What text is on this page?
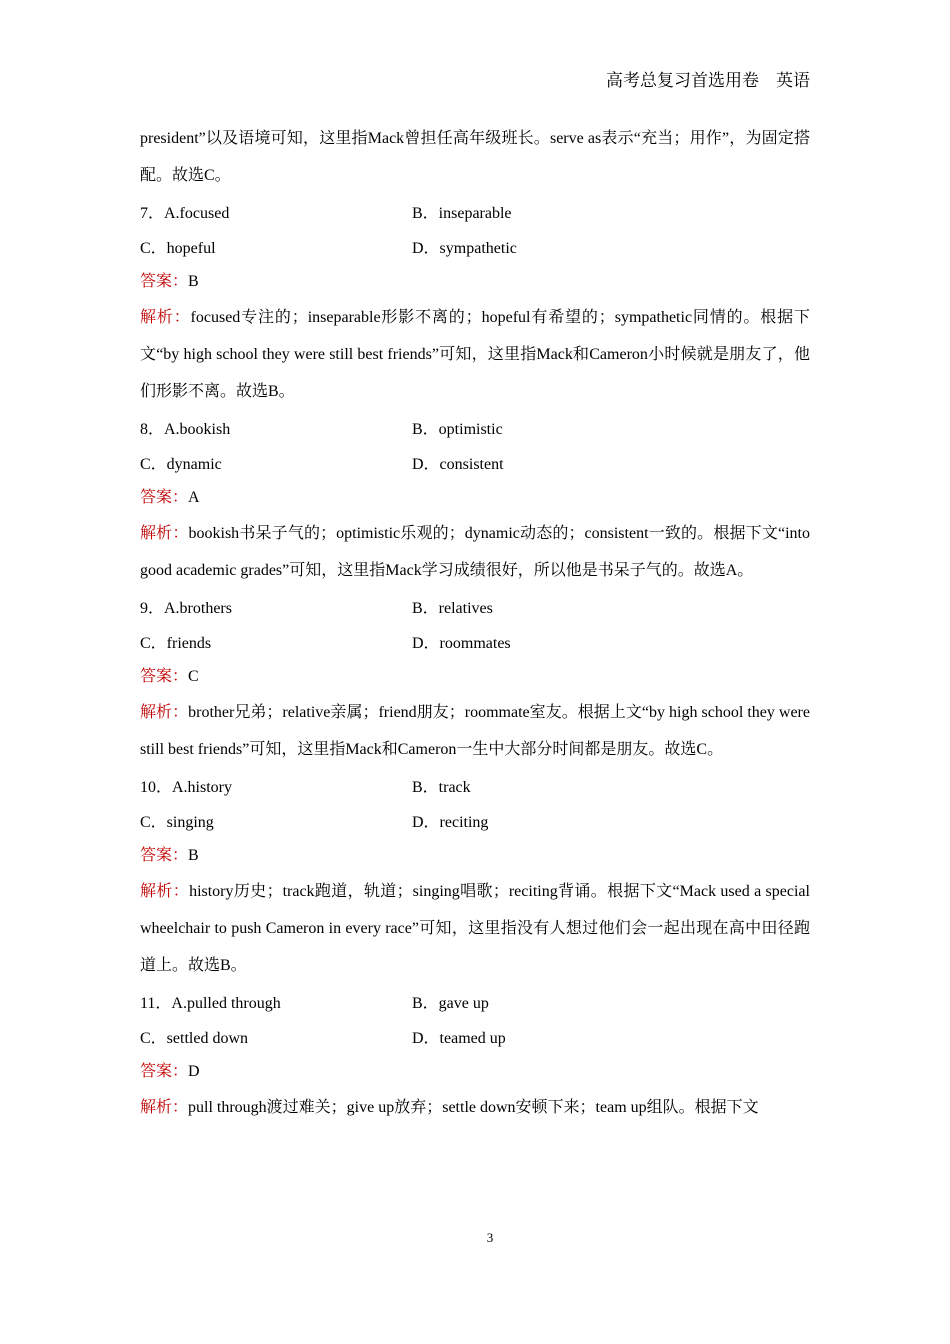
高考总复习首选用卷　英语

president”以及语境可知，这里指Mack曾担任高年级班长。serve as表示“充当；用作”，为固定搭配。故选C。

7．A.focused	B．inseparable
C．hopeful	D．sympathetic
答案：B

解析：focused专注的；inseparable形影不离的；hopeful有希望的；sympathetic同情的。根据下文“by high school they were still best friends”可知，这里指Mack和Cameron小时候就是朋友了，他们形影不离。故选B。

8．A.bookish	B．optimistic
C．dynamic	D．consistent
答案：A

解析：bookish书呆子气的；optimistic乐观的；dynamic动态的；consistent一致的。根据下文“into good academic grades”可知，这里指Mack学习成绩很好，所以他是书呆子气的。故选A。

9．A.brothers	B．relatives
C．friends	D．roommates
答案：C

解析：brother兄弟；relative亲属；friend朋友；roommate室友。根据上文“by high school they were still best friends”可知，这里指Mack和Cameron一生中大部分时间都是朋友。故选C。

10．A.history	B．track
C．singing	D．reciting
答案：B

解析：history历史；track跑道，轨道；singing唱歌；reciting背诵。根据下文“Mack used a special wheelchair to push Cameron in every race”可知，这里指没有人想过他们会一起出现在高中田径跑道上。故选B。

11．A.pulled through	B．gave up
C．settled down	D．teamed up
答案：D

解析：pull through渡过难关；give up放弃；settle down安顿下来；team up组队。根据下文

3
